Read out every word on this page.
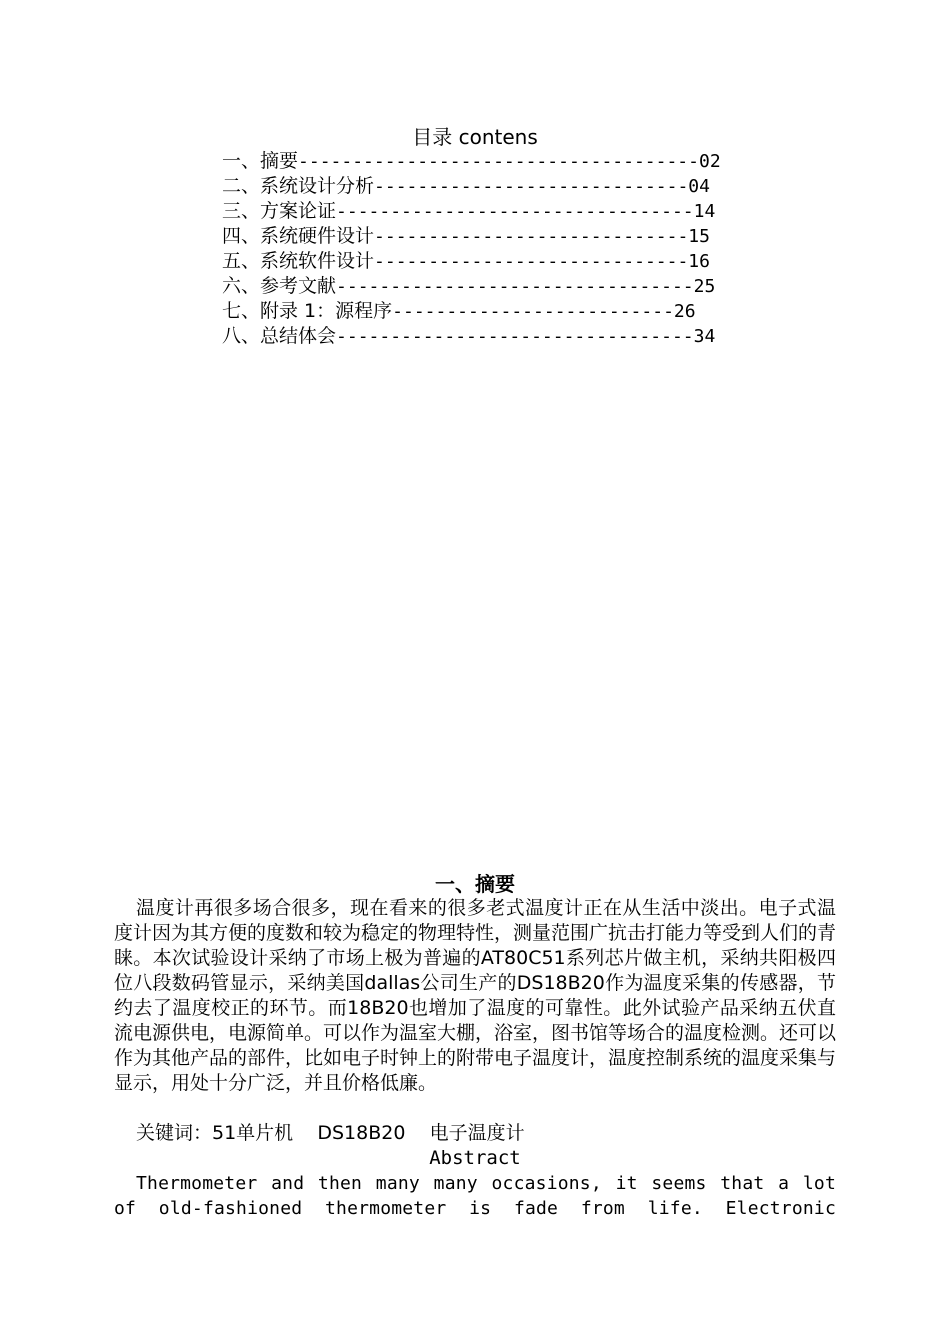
目录 contens
一、摘要-------------------------------------02
二、系统设计分析-----------------------------04
三、方案论证---------------------------------14
四、系统硬件设计-----------------------------15
五、系统软件设计-----------------------------16
六、参考文献---------------------------------25
七、附录 1：源程序--------------------------26
八、总结体会---------------------------------34
一、摘要

温度计再很多场合很多，现在看来的很多老式温度计正在从生活中淡出。电子式温度计因为其方便的度数和较为稳定的物理特性，测量范围广抗击打能力等受到人们的青睐。本次试验设计采纳了市场上极为普遍的AT80C51系列芯片做主机，采纳共阳极四位八段数码管显示，采纳美国dallas公司生产的DS18B20作为温度采集的传感器，节约去了温度校正的环节。而18B20也增加了温度的可靠性。此外试验产品采纳五伏直流电源供电，电源简单。可以作为温室大棚，浴室，图书馆等场合的温度检测。还可以作为其他产品的部件，比如电子时钟上的附带电子温度计，温度控制系统的温度采集与显示，用处十分广泛，并且价格低廉。

关键词：51单片机    DS18B20    电子温度计
Abstract

Thermometer and then many many occasions, it seems that a lot of old-fashioned thermometer is fade from life. Electronic
